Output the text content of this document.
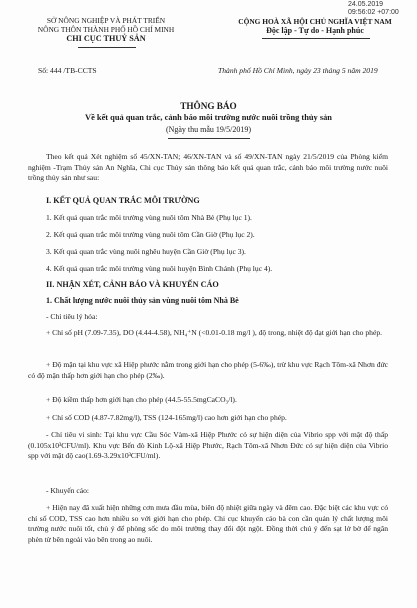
24.05.2019
09:56:02 +07:00
SỞ NÔNG NGHIỆP VÀ PHÁT TRIỂN
NÔNG THÔN THÀNH PHỐ HỒ CHÍ MINH
CHI CỤC THUỶ SẢN
Số: 444 /TB-CCTS
CỘNG HOÀ XÃ HỘI CHỦ NGHĨA VIỆT NAM
Độc lập - Tự do - Hạnh phúc
Thành phố Hồ Chí Minh, ngày 23 tháng 5 năm 2019
THÔNG BÁO
Về kết quả quan trắc, cảnh báo môi trường nước nuôi trồng thủy sản
(Ngày thu mẫu 19/5/2019)
Theo kết quả Xét nghiệm số 45/XN-TAN; 46/XN-TAN và số 49/XN-TAN ngày 21/5/2019 của Phòng kiểm nghiệm -Trạm Thủy sản An Nghĩa, Chi cục Thủy sản thông báo kết quả quan trắc, cảnh báo môi trường nước nuôi trồng thủy sản như sau:
I. KẾT QUẢ QUAN TRẮC MÔI TRƯỜNG
1. Kết quả quan trắc môi trường vùng nuôi tôm Nhà Bè (Phụ lục 1).
2. Kết quả quan trắc môi trường vùng nuôi tôm Cần Giờ (Phụ lục 2).
3. Kết quả quan trắc vùng nuôi nghêu huyện Cần Giờ (Phụ lục 3).
4. Kết quả quan trắc môi trường vùng nuôi huyện Bình Chánh (Phụ lục 4).
II. NHẬN XÉT, CẢNH BÁO VÀ KHUYẾN CÁO
1. Chất lượng nước nuôi thủy sản vùng nuôi tôm Nhà Bè
- Chỉ tiêu lý hóa:
+ Chỉ số pH (7.09-7.35), DO (4.44-4.58), NH₄⁺N (<0.01-0.18 mg/l ), độ trong, nhiệt độ đạt giới hạn cho phép.
+ Độ mặn tại khu vực xã Hiệp phước nằm trong giới hạn cho phép (5-6‰), trừ khu vực Rạch Tôm-xã Nhơn đức có độ mặn thấp hơn giới hạn cho phép (2‰).
+ Độ kiềm thấp hơn giới hạn cho phép (44.5-55.5mgCaCO₃/l).
+ Chỉ số COD (4.87-7.82mg/l), TSS (124-165mg/l) cao hơn giới hạn cho phép.
- Chỉ tiêu vi sinh: Tại khu vực Cầu Sóc Vàm-xã Hiệp Phước có sự hiện diện của Vibrio spp với mật độ thấp (0.105x10³CFU/ml). Khu vực Bến đò Kinh Lộ-xã Hiệp Phước, Rạch Tôm-xã Nhơn Đức có sự hiện diện của Vibrio spp với mật độ cao(1.69-3.29x10³CFU/ml).
- Khuyến cáo:
+ Hiện nay đã xuất hiện những cơn mưa đầu mùa, biên độ nhiệt giữa ngày và đêm cao. Đặc biệt các khu vực có chỉ số COD, TSS cao hơn nhiều so với giới hạn cho phép. Chi cục khuyến cáo bà con cần quản lý chất lượng môi trường nước nuôi tốt, chủ ý để phòng sốc do môi trường thay đổi đột ngột. Đồng thời chú ý đến sạt lở bờ để ngăn phèn từ bên ngoài vào bên trong ao nuôi.
